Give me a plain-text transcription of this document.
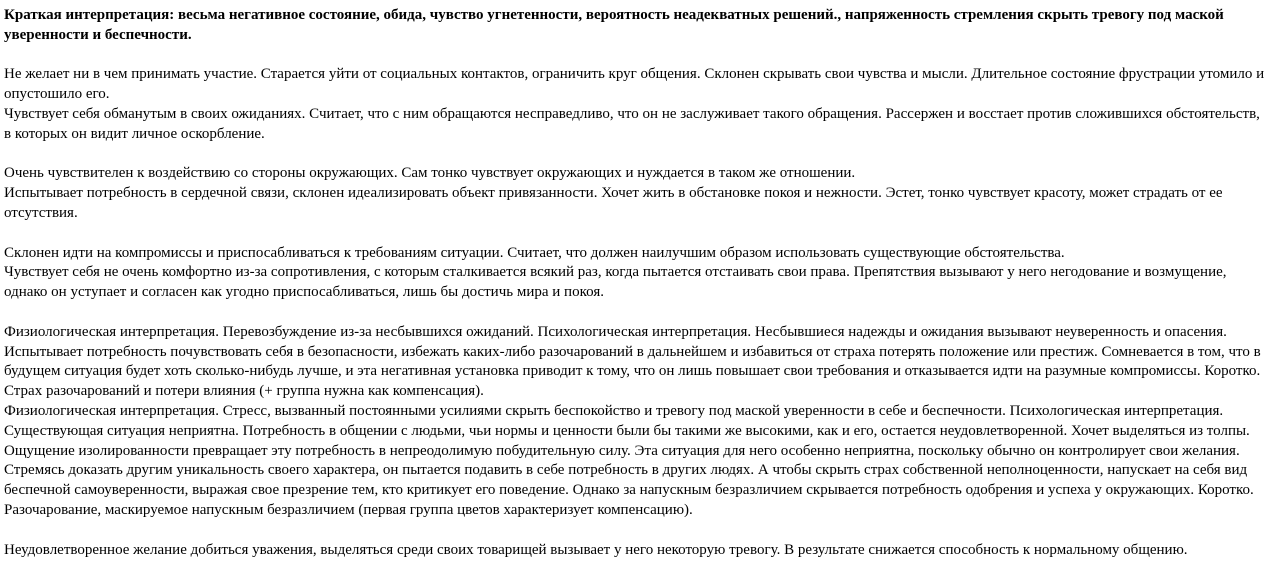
Краткая интерпретация: весьма негативное состояние, обида, чувство угнетенности, вероятность неадекватных решений., напряженность стремления скрыть тревогу под маской уверенности и беспечности.
Не желает ни в чем принимать участие. Старается уйти от социальных контактов, ограничить круг общения. Склонен скрывать свои чувства и мысли. Длительное состояние фрустрации утомило и опустошило его.
Чувствует себя обманутым в своих ожиданиях. Считает, что с ним обращаются несправедливо, что он не заслуживает такого обращения. Рассержен и восстает против сложившихся обстоятельств, в которых он видит личное оскорбление.
Очень чувствителен к воздействию со стороны окружающих. Сам тонко чувствует окружающих и нуждается в таком же отношении.
Испытывает потребность в сердечной связи, склонен идеализировать объект привязанности. Хочет жить в обстановке покоя и нежности. Эстет, тонко чувствует красоту, может страдать от ее отсутствия.
Склонен идти на компромиссы и приспосабливаться к требованиям ситуации. Считает, что должен наилучшим образом использовать существующие обстоятельства.
Чувствует себя не очень комфортно из-за сопротивления, с которым сталкивается всякий раз, когда пытается отстаивать свои права. Препятствия вызывают у него негодование и возмущение, однако он уступает и согласен как угодно приспосабливаться, лишь бы достичь мира и покоя.
Физиологическая интерпретация. Перевозбуждение из-за несбывшихся ожиданий. Психологическая интерпретация. Несбывшиеся надежды и ожидания вызывают неуверенность и опасения. Испытывает потребность почувствовать себя в безопасности, избежать каких-либо разочарований в дальнейшем и избавиться от страха потерять положение или престиж. Сомневается в том, что в будущем ситуация будет хоть сколько-нибудь лучше, и эта негативная установка приводит к тому, что он лишь повышает свои требования и отказывается идти на разумные компромиссы. Коротко. Страх разочарований и потери влияния (+ группа нужна как компенсация).
Физиологическая интерпретация. Стресс, вызванный постоянными усилиями скрыть беспокойство и тревогу под маской уверенности в себе и беспечности. Психологическая интерпретация. Существующая ситуация неприятна. Потребность в общении с людьми, чьи нормы и ценности были бы такими же высокими, как и его, остается неудовлетворенной. Хочет выделяться из толпы. Ощущение изолированности превращает эту потребность в непреодолимую побудительную силу. Эта ситуация для него особенно неприятна, поскольку обычно он контролирует свои желания. Стремясь доказать другим уникальность своего характера, он пытается подавить в себе потребность в других людях. А чтобы скрыть страх собственной неполноценности, напускает на себя вид беспечной самоуверенности, выражая свое презрение тем, кто критикует его поведение. Однако за напускным безразличием скрывается потребность одобрения и успеха у окружающих. Коротко. Разочарование, маскируемое напускным безразличием (первая группа цветов характеризует компенсацию).
Неудовлетворенное желание добиться уважения, выделяться среди своих товарищей вызывает у него некоторую тревогу. В результате снижается способность к нормальному общению.
